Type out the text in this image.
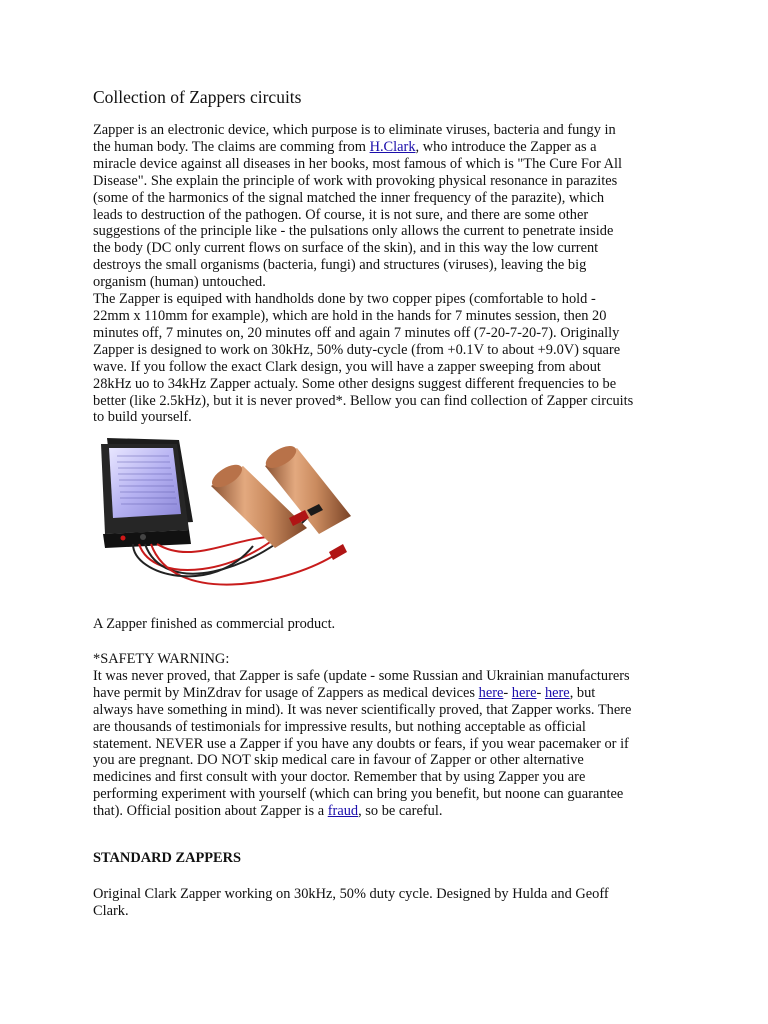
Collection of Zappers circuits
Zapper is an electronic device, which purpose is to eliminate viruses, bacteria and fungy in
the human body. The claims are comming from H.Clark, who introduce the Zapper as a
miracle device against all diseases in her books, most famous of which is "The Cure For All
Disease". She explain the principle of work with provoking physical resonance in parazites
(some of the harmonics of the signal matched the inner frequency of the parazite), which
leads to destruction of the pathogen. Of course, it is not sure, and there are some other
suggestions of the principle like - the pulsations only allows the current to penetrate inside
the body (DC only current flows on surface of the skin), and in this way the low current
destroys the small organisms (bacteria, fungi) and structures (viruses), leaving the big
organism (human) untouched.
The Zapper is equiped with handholds done by two copper pipes (comfortable to hold -
22mm x 110mm for example), which are hold in the hands for 7 minutes session, then 20
minutes off, 7 minutes on, 20 minutes off and again 7 minutes off (7-20-7-20-7). Originally
Zapper is designed to work on 30kHz, 50% duty-cycle (from +0.1V to about +9.0V) square
wave. If you follow the exact Clark design, you will have a zapper sweeping from about
28kHz uo to 34kHz Zapper actualy. Some other designs suggest different frequencies to be
better (like 2.5kHz), but it is never proved*. Bellow you can find collection of Zapper circuits
to build yourself.
A Zapper finished as commercial product.
*SAFETY WARNING:
It was never proved, that Zapper is safe (update - some Russian and Ukrainian manufacturers
have permit by MinZdrav for usage of Zappers as medical devices here- here- here, but
always have something in mind). It was never scientifically proved, that Zapper works. There
are thousands of testimonials for impressive results, but nothing acceptable as official
statement. NEVER use a Zapper if you have any doubts or fears, if you wear pacemaker or if
you are pregnant. DO NOT skip medical care in favour of Zapper or other alternative
medicines and first consult with your doctor. Remember that by using Zapper you are
performing experiment with yourself (which can bring you benefit, but noone can guarantee
that). Official position about Zapper is a fraud, so be careful.
STANDARD ZAPPERS
Original Clark Zapper working on 30kHz, 50% duty cycle. Designed by Hulda and Geoff
Clark.
